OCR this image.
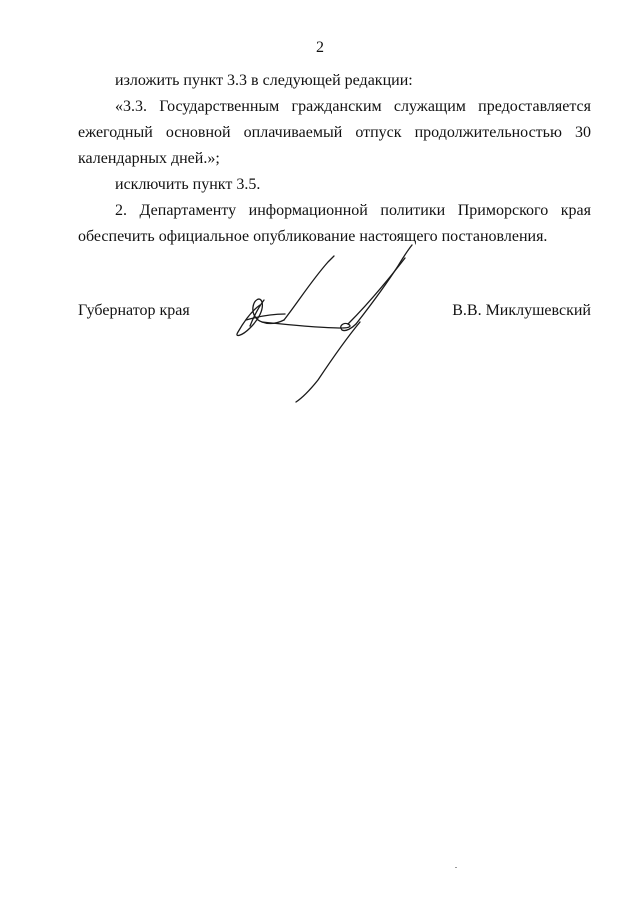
2

изложить пункт 3.3 в следующей редакции:

«3.3. Государственным гражданским служащим предоставляется ежегодный основной оплачиваемый отпуск продолжительностью 30 календарных дней.»;

исключить пункт 3.5.

2. Департаменту информационной политики Приморского края обеспечить официальное опубликование настоящего постановления.

Губернатор края	В.В. Миклушевский
